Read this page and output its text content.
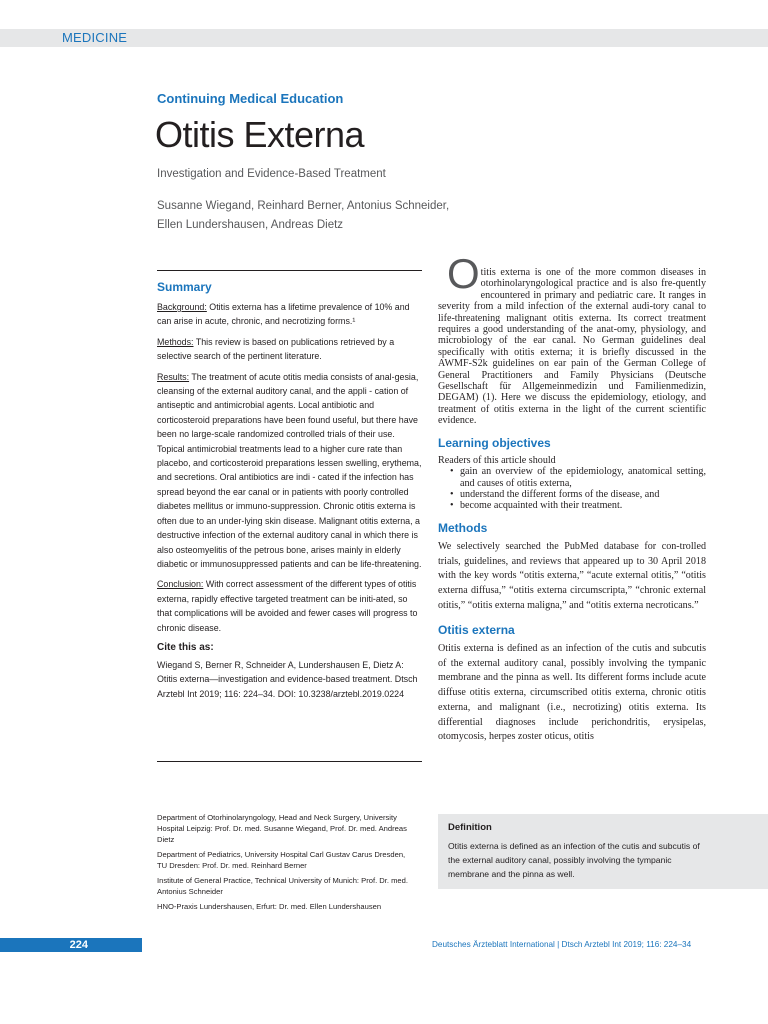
MEDICINE
Continuing Medical Education
Otitis Externa
Investigation and Evidence-Based Treatment
Susanne Wiegand, Reinhard Berner, Antonius Schneider,
Ellen Lundershausen, Andreas Dietz
Summary

Background: Otitis externa has a lifetime prevalence of 10% and can arise in acute, chronic, and necrotizing forms.¹

Methods: This review is based on publications retrieved by a selective search of the pertinent literature.

Results: The treatment of acute otitis media consists of anal-gesia, cleansing of the external auditory canal, and the appli - cation of antiseptic and antimicrobial agents. Local antibiotic and corticosteroid preparations have been found useful, but there have been no large-scale randomized controlled trials of their use. Topical antimicrobial treatments lead to a higher cure rate than placebo, and corticosteroid preparations lessen swelling, erythema, and secretions. Oral antibiotics are indi - cated if the infection has spread beyond the ear canal or in patients with poorly controlled diabetes mellitus or immuno-suppression. Chronic otitis externa is often due to an under-lying skin disease. Malignant otitis externa, a destructive infection of the external auditory canal in which there is also osteomyelitis of the petrous bone, arises mainly in elderly diabetic or immunosuppressed patients and can be life-threatening.

Conclusion: With correct assessment of the different types of otitis externa, rapidly effective targeted treatment can be initi-ated, so that complications will be avoided and fewer cases will progress to chronic disease.

Cite this as:

Wiegand S, Berner R, Schneider A, Lundershausen E, Dietz A: Otitis externa—investigation and evidence-based treatment. Dtsch Arztebl Int 2019; 116: 224–34. DOI: 10.3238/arztebl.2019.0224

O titis externa is one of the more common diseases in otorhinolaryngological practice and is also fre-quently encountered in primary and pediatric care. It ranges in severity from a mild infection of the external audi-tory canal to life-threatening malignant otitis externa. Its correct treatment requires a good understanding of the anat-omy, physiology, and microbiology of the ear canal. No German guidelines deal specifically with otitis externa; it is briefly discussed in the AWMF-S2k guidelines on ear pain of the German College of General Practitioners and Family Physicians (Deutsche Gesellschaft für Allgemeinmedizin und Familienmedizin, DEGAM) (1). Here we discuss the epidemiology, etiology, and treatment of otitis externa in the light of the current scientific evidence.

Learning objectives

Readers of this article should

• gain an overview of the epidemiology, anatomical setting, and causes of otitis externa,
• understand the different forms of the disease, and
• become acquainted with their treatment.
Methods

We selectively searched the PubMed database for con-trolled trials, guidelines, and reviews that appeared up to 30 April 2018 with the key words “otitis externa,” “acute external otitis,” “otitis externa diffusa,” “otitis externa circumscripta,” “chronic external otitis,” “otitis externa maligna,” and “otitis externa necroticans.”

Otitis externa

Otitis externa is defined as an infection of the cutis and subcutis of the external auditory canal, possibly involving the tympanic membrane and the pinna as well. Its different forms include acute diffuse otitis externa, circumscribed otitis externa, chronic otitis externa, and malignant (i.e., necrotizing) otitis externa. Its differential diagnoses include perichondritis, erysipelas, otomycosis, herpes zoster oticus, otitis

Department of Otorhinolaryngology, Head and Neck Surgery, University Hospital Leipzig: Prof. Dr. med. Susanne Wiegand, Prof. Dr. med. Andreas Dietz

Department of Pediatrics, University Hospital Carl Gustav Carus Dresden, TU Dresden: Prof. Dr. med. Reinhard Berner

Institute of General Practice, Technical University of Munich: Prof. Dr. med. Antonius Schneider

HNO-Praxis Lundershausen, Erfurt: Dr. med. Ellen Lundershausen

Definition
Otitis externa is defined as an infection of the cutis and subcutis of the external auditory canal, possibly involving the tympanic membrane and the pinna as well.
224	Deutsches Ärzteblatt International | Dtsch Arztebl Int 2019; 116: 224–34
